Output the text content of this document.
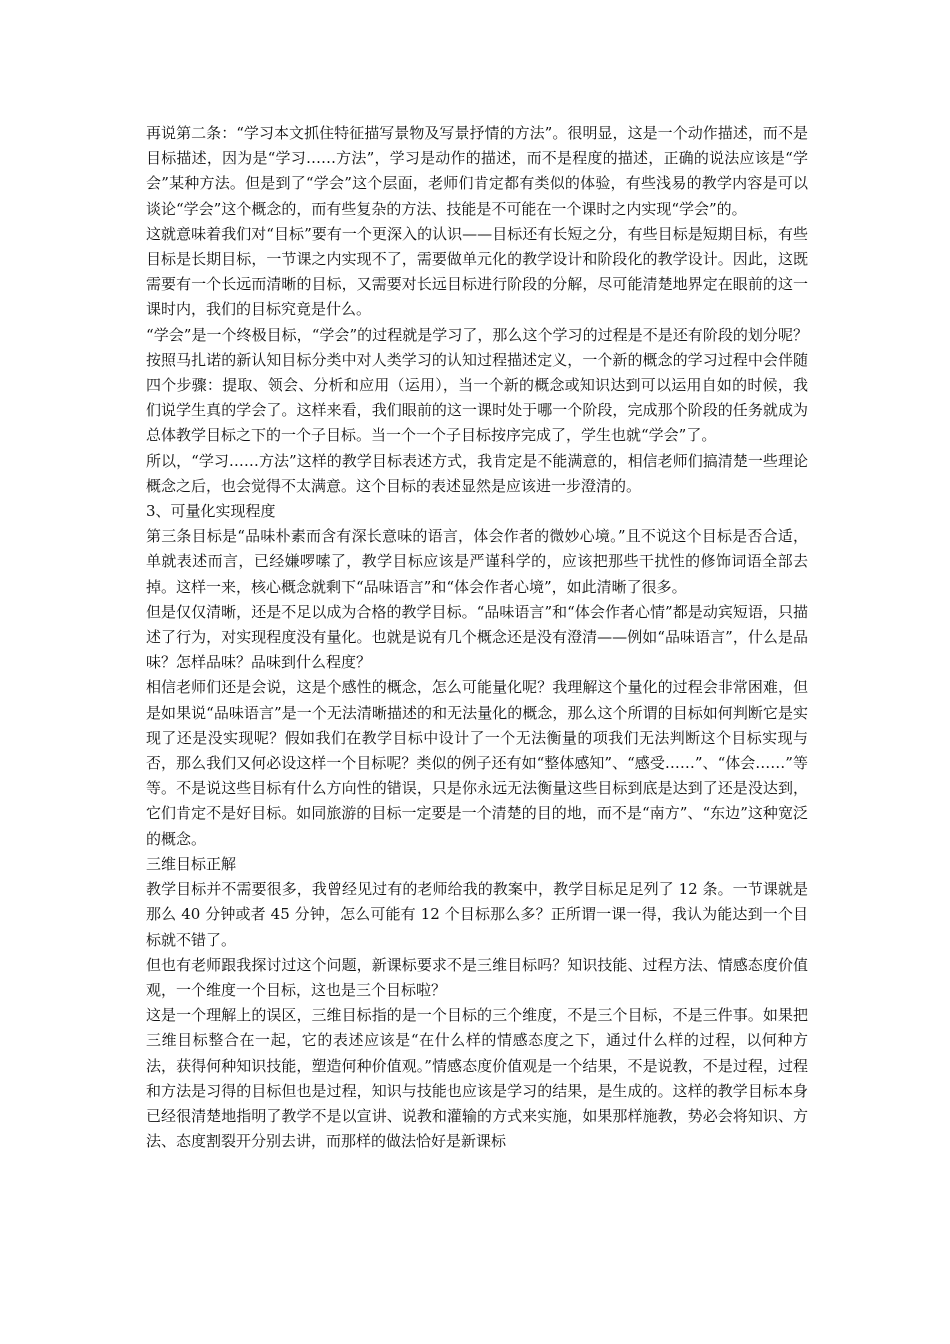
再说第二条：“学习本文抓住特征描写景物及写景抒情的方法”。很明显，这是一个动作描述，而不是目标描述，因为是“学习……方法”，学习是动作的描述，而不是程度的描述，正确的说法应该是“学会”某种方法。但是到了“学会”这个层面，老师们肯定都有类似的体验，有些浅易的教学内容是可以谈论“学会”这个概念的，而有些复杂的方法、技能是不可能在一个课时之内实现“学会”的。

这就意味着我们对“目标”要有一个更深入的认识——目标还有长短之分，有些目标是短期目标，有些目标是长期目标，一节课之内实现不了，需要做单元化的教学设计和阶段化的教学设计。因此，这既需要有一个长远而清晰的目标，又需要对长远目标进行阶段的分解，尽可能清楚地界定在眼前的这一课时内，我们的目标究竟是什么。

“学会”是一个终极目标，“学会”的过程就是学习了，那么这个学习的过程是不是还有阶段的划分呢？按照马扎诺的新认知目标分类中对人类学习的认知过程描述定义，一个新的概念的学习过程中会伴随四个步骤：提取、领会、分析和应用（运用），当一个新的概念或知识达到可以运用自如的时候，我们说学生真的学会了。这样来看，我们眼前的这一课时处于哪一个阶段，完成那个阶段的任务就成为总体教学目标之下的一个子目标。当一个一个子目标按序完成了，学生也就“学会”了。

所以，“学习……方法”这样的教学目标表述方式，我肯定是不能满意的，相信老师们搞清楚一些理论概念之后，也会觉得不太满意。这个目标的表述显然是应该进一步澄清的。

3、可量化实现程度

第三条目标是“品味朴素而含有深长意味的语言，体会作者的微妙心境。”且不说这个目标是否合适，单就表述而言，已经嫌啰嗦了，教学目标应该是严谨科学的，应该把那些干扰性的修饰词语全部去掉。这样一来，核心概念就剩下“品味语言”和“体会作者心境”，如此清晰了很多。

但是仅仅清晰，还是不足以成为合格的教学目标。“品味语言”和“体会作者心情”都是动宾短语，只描述了行为，对实现程度没有量化。也就是说有几个概念还是没有澄清——例如“品味语言”，什么是品味？怎样品味？品味到什么程度？

相信老师们还是会说，这是个感性的概念，怎么可能量化呢？我理解这个量化的过程会非常困难，但是如果说“品味语言”是一个无法清晰描述的和无法量化的概念，那么这个所谓的目标如何判断它是实现了还是没实现呢？假如我们在教学目标中设计了一个无法衡量的项我们无法判断这个目标实现与否，那么我们又何必设这样一个目标呢？类似的例子还有如“整体感知”、“感受……”、“体会……”等等。不是说这些目标有什么方向性的错误，只是你永远无法衡量这些目标到底是达到了还是没达到，它们肯定不是好目标。如同旅游的目标一定要是一个清楚的目的地，而不是“南方”、“东边”这种宽泛的概念。

三维目标正解

教学目标并不需要很多，我曾经见过有的老师给我的教案中，教学目标足足列了 12 条。一节课就是那么 40 分钟或者 45 分钟，怎么可能有 12 个目标那么多？正所谓一课一得，我认为能达到一个目标就不错了。

但也有老师跟我探讨过这个问题，新课标要求不是三维目标吗？知识技能、过程方法、情感态度价值观，一个维度一个目标，这也是三个目标啦？

这是一个理解上的误区，三维目标指的是一个目标的三个维度，不是三个目标，不是三件事。如果把三维目标整合在一起，它的表述应该是“在什么样的情感态度之下，通过什么样的过程，以何种方法，获得何种知识技能，塑造何种价值观。”情感态度价值观是一个结果，不是说教，不是过程，过程和方法是习得的目标但也是过程，知识与技能也应该是学习的结果，是生成的。这样的教学目标本身已经很清楚地指明了教学不是以宣讲、说教和灌输的方式来实施，如果那样施教，势必会将知识、方法、态度割裂开分别去讲，而那样的做法恰好是新课标
